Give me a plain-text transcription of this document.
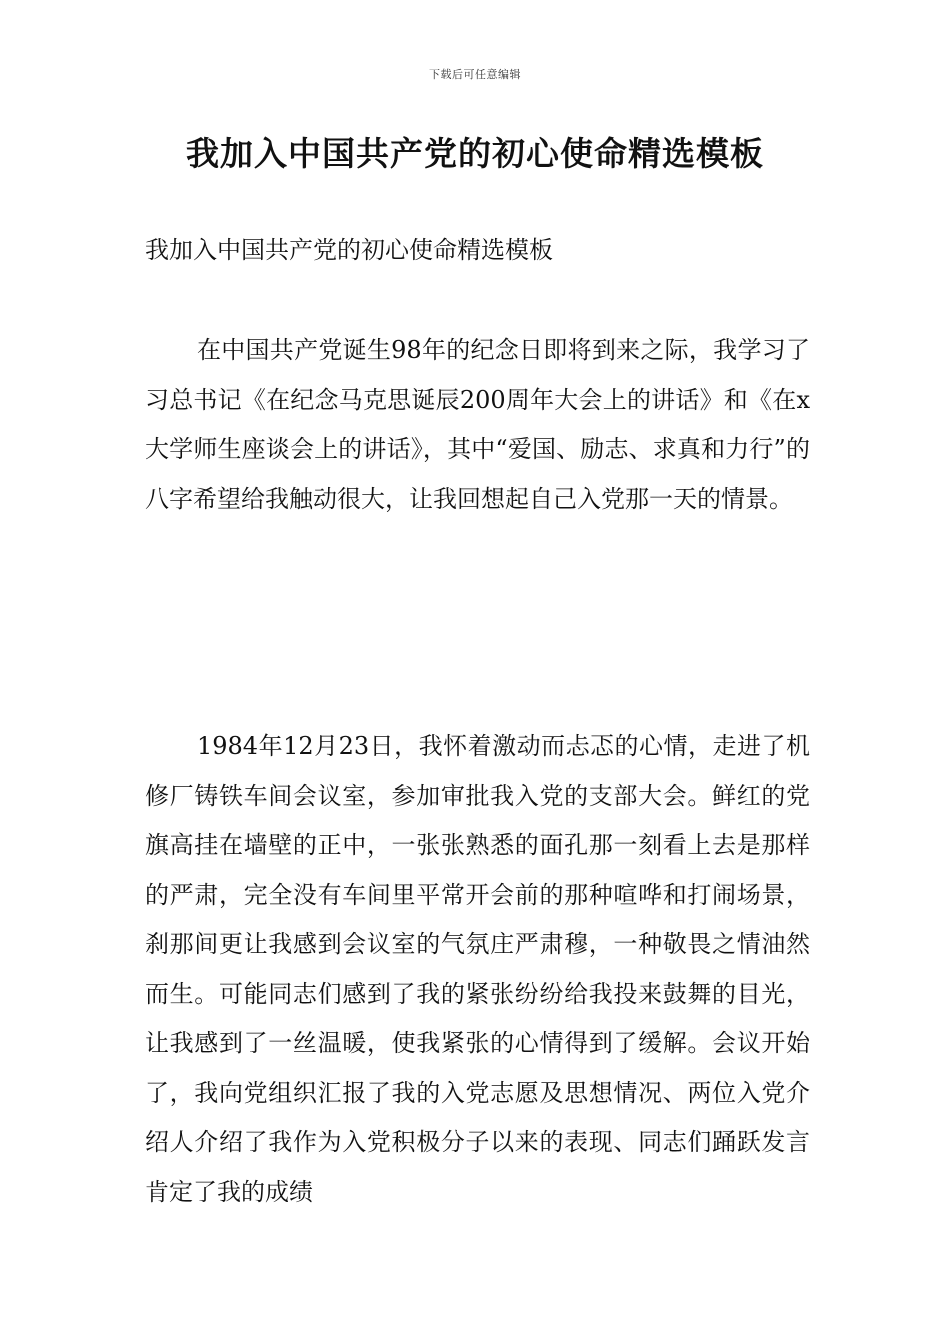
下载后可任意编辑
我加入中国共产党的初心使命精选模板
我加入中国共产党的初心使命精选模板

在中国共产党诞生98年的纪念日即将到来之际，我学习了习总书记《在纪念马克思诞辰200周年大会上的讲话》和《在x大学师生座谈会上的讲话》，其中“爱国、励志、求真和力行”的八字希望给我触动很大，让我回想起自己入党那一天的情景。

1984年12月23日，我怀着激动而忐忑的心情，走进了机修厂铸铁车间会议室，参加审批我入党的支部大会。鲜红的党旗高挂在墙壁的正中，一张张熟悉的面孔那一刻看上去是那样的严肃，完全没有车间里平常开会前的那种喧哗和打闹场景，刹那间更让我感到会议室的气氛庄严肃穆，一种敬畏之情油然而生。可能同志们感到了我的紧张纷纷给我投来鼓舞的目光，让我感到了一丝温暖，使我紧张的心情得到了缓解。会议开始了，我向党组织汇报了我的入党志愿及思想情况、两位入党介绍人介绍了我作为入党积极分子以来的表现、同志们踊跃发言肯定了我的成绩
